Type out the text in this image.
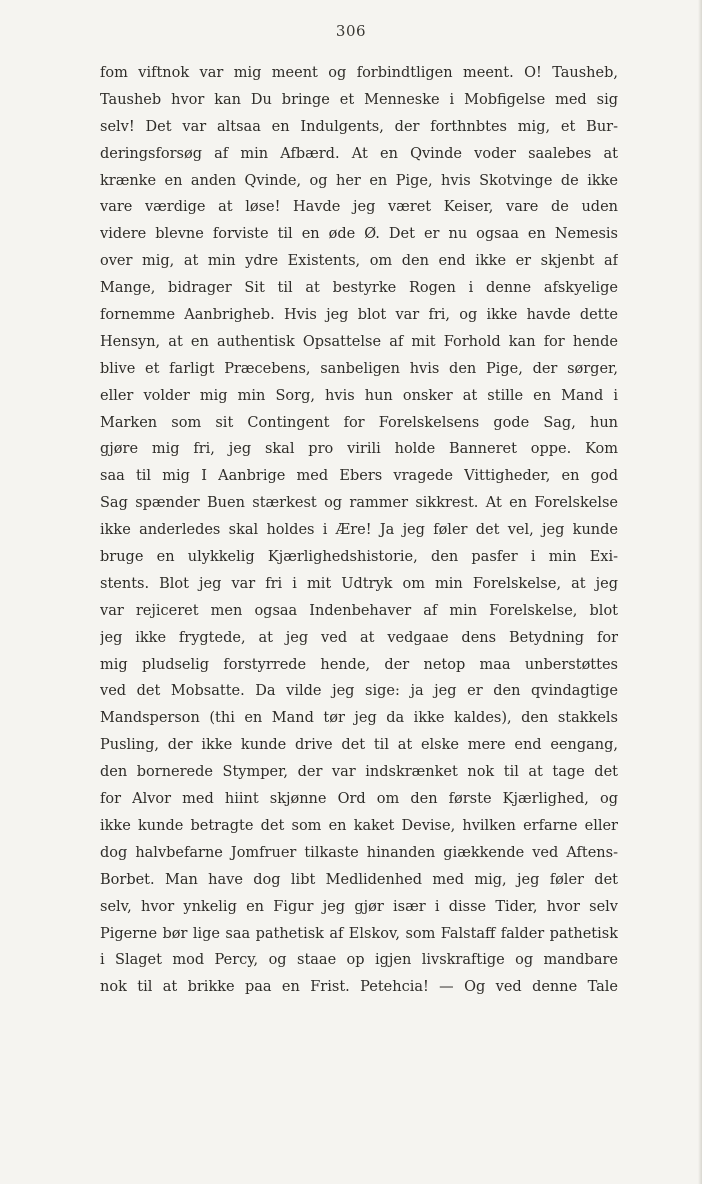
306
fom viftnok var mig meent og forbindtligen meent. O! Tausheb,
Tausheb hvor kan Du bringe et Menneske i Mobfigelse med sig
selv! Det var altsaa en Indulgents, der forthnbtes mig, et Bur-
deringsforsøg af min Afbærd. At en Qvinde voder saalebes at
krænke en anden Qvinde, og her en Pige, hvis Skotvinge de ikke
vare værdige at løse! Havde jeg været Keiser, vare de uden
videre blevne forviste til en øde Ø. Det er nu ogsaa en Nemesis
over mig, at min ydre Existents, om den end ikke er skjenbt af
Mange, bidrager Sit til at bestyrke Rogen i denne afskyelige
fornemme Aanbrigheb. Hvis jeg blot var fri, og ikke havde dette
Hensyn, at en authentisk Opsattelse af mit Forhold kan for hende
blive et farligt Præcebens, sanbeligen hvis den Pige, der sørger,
eller volder mig min Sorg, hvis hun onsker at stille en Mand i
Marken som sit Contingent for Forelskelsens gode Sag, hun
gjøre mig fri, jeg skal pro virili holde Banneret oppe. Kom
saa til mig I Aanbrige med Ebers vragede Vittigheder, en god
Sag spænder Buen stærkest og rammer sikkrest. At en Forelskelse
ikke anderledes skal holdes i Ære! Ja jeg føler det vel, jeg kunde
bruge en ulykkelig Kjærlighedshistorie, den pasfer i min Exi-
stents. Blot jeg var fri i mit Udtryk om min Forelskelse, at jeg
var rejiceret men ogsaa Indenbehaver af min Forelskelse, blot
jeg ikke frygtede, at jeg ved at vedgaae dens Betydning for
mig pludselig forstyrrede hende, der netop maa unberstøttes
ved det Mobsatte. Da vilde jeg sige: ja jeg er den qvindagtige
Mandsperson (thi en Mand tør jeg da ikke kaldes), den stakkels
Pusling, der ikke kunde drive det til at elske mere end eengang,
den bornerede Stymper, der var indskrænket nok til at tage det
for Alvor med hiint skjønne Ord om den første Kjærlighed, og
ikke kunde betragte det som en kaket Devise, hvilken erfarne eller
dog halvbefarne Jomfruer tilkaste hinanden giækkende ved Aftens-
Borbet. Man have dog libt Medlidenhed med mig, jeg føler det
selv, hvor ynkelig en Figur jeg gjør især i disse Tider, hvor selv
Pigerne bør lige saa pathetisk af Elskov, som Falstaff falder pathetisk
i Slaget mod Percy, og staae op igjen livskraftige og mandbare
nok til at brikke paa en Frist. Petehcia! — Og ved denne Tale
